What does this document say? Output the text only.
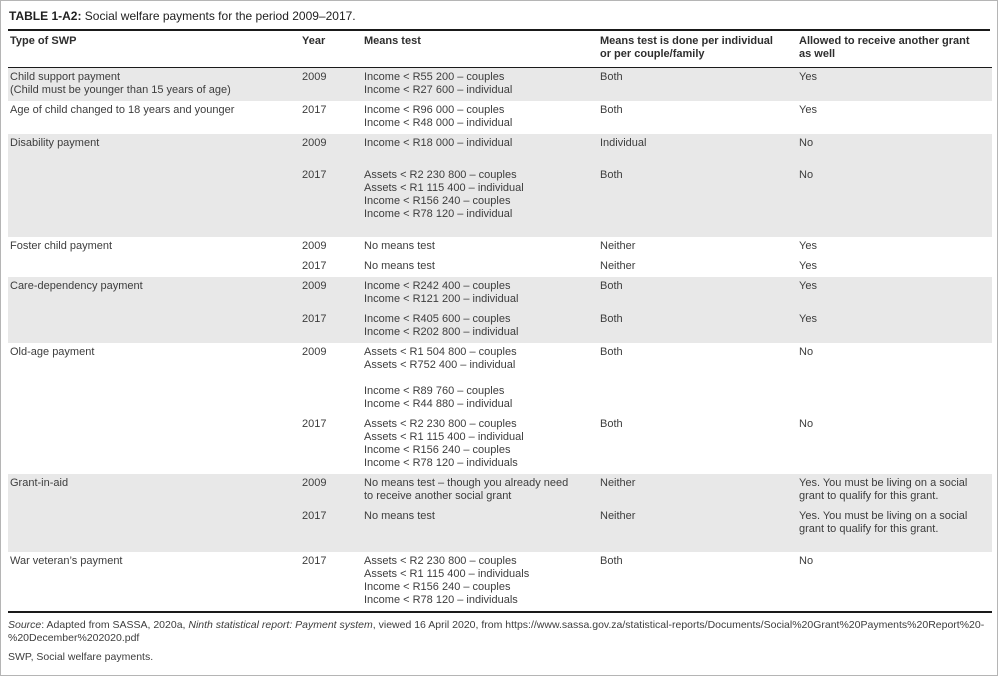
TABLE 1-A2: Social welfare payments for the period 2009–2017.
Type of SWP	Year	Means test	Means test is done per individual or per couple/family	Allowed to receive another grant as well

Child support payment
(Child must be younger than 15 years of age)
	2009	Income < R55 200 – couples
Income < R27 600 – individual
	Both	Yes

Age of child changed to 18 years and younger	2017	Income < R96 000 – couples
Income < R48 000 – individual	Both	Yes

Disability payment	2009	Income < R18 000 – individual	Individual	No
	2017	Assets < R2 230 800 – couples
Assets < R1 115 400 – individual
Income < R156 240 – couples
Income < R78 120 – individual	Both	No

Foster child payment	2009	No means test	Neither	Yes
	2017	No means test	Neither	Yes

Care-dependency payment	2009	Income < R242 400 – couples
Income < R121 200 – individual	Both	Yes
	2017	Income < R405 600 – couples
Income < R202 800 – individual	Both	Yes

Old-age payment	2009	Assets < R1 504 800 – couples
Assets < R752 400 – individual

Income < R89 760 – couples
Income < R44 880 – individual	Both	No
	2017	Assets < R2 230 800 – couples
Assets < R1 115 400 – individual
Income < R156 240 – couples
Income < R78 120 – individuals	Both	No

Grant-in-aid	2009	No means test – though you already need
to receive another social grant	Neither	Yes. You must be living on a social grant to qualify for this grant.
	2017	No means test	Neither	Yes. You must be living on a social grant to qualify for this grant.

War veteran’s payment	2017	Assets < R2 230 800 – couples
Assets < R1 115 400 – individuals
Income < R156 240 – couples
Income < R78 120 – individuals	Both	No

Source: Adapted from SASSA, 2020a, Ninth statistical report: Payment system, viewed 16 April 2020, from https://www.sassa.gov.za/statistical-reports/Documents/Social%20Grant%20Payments%20Report%20-%20December%202020.pdf

SWP, Social welfare payments.
